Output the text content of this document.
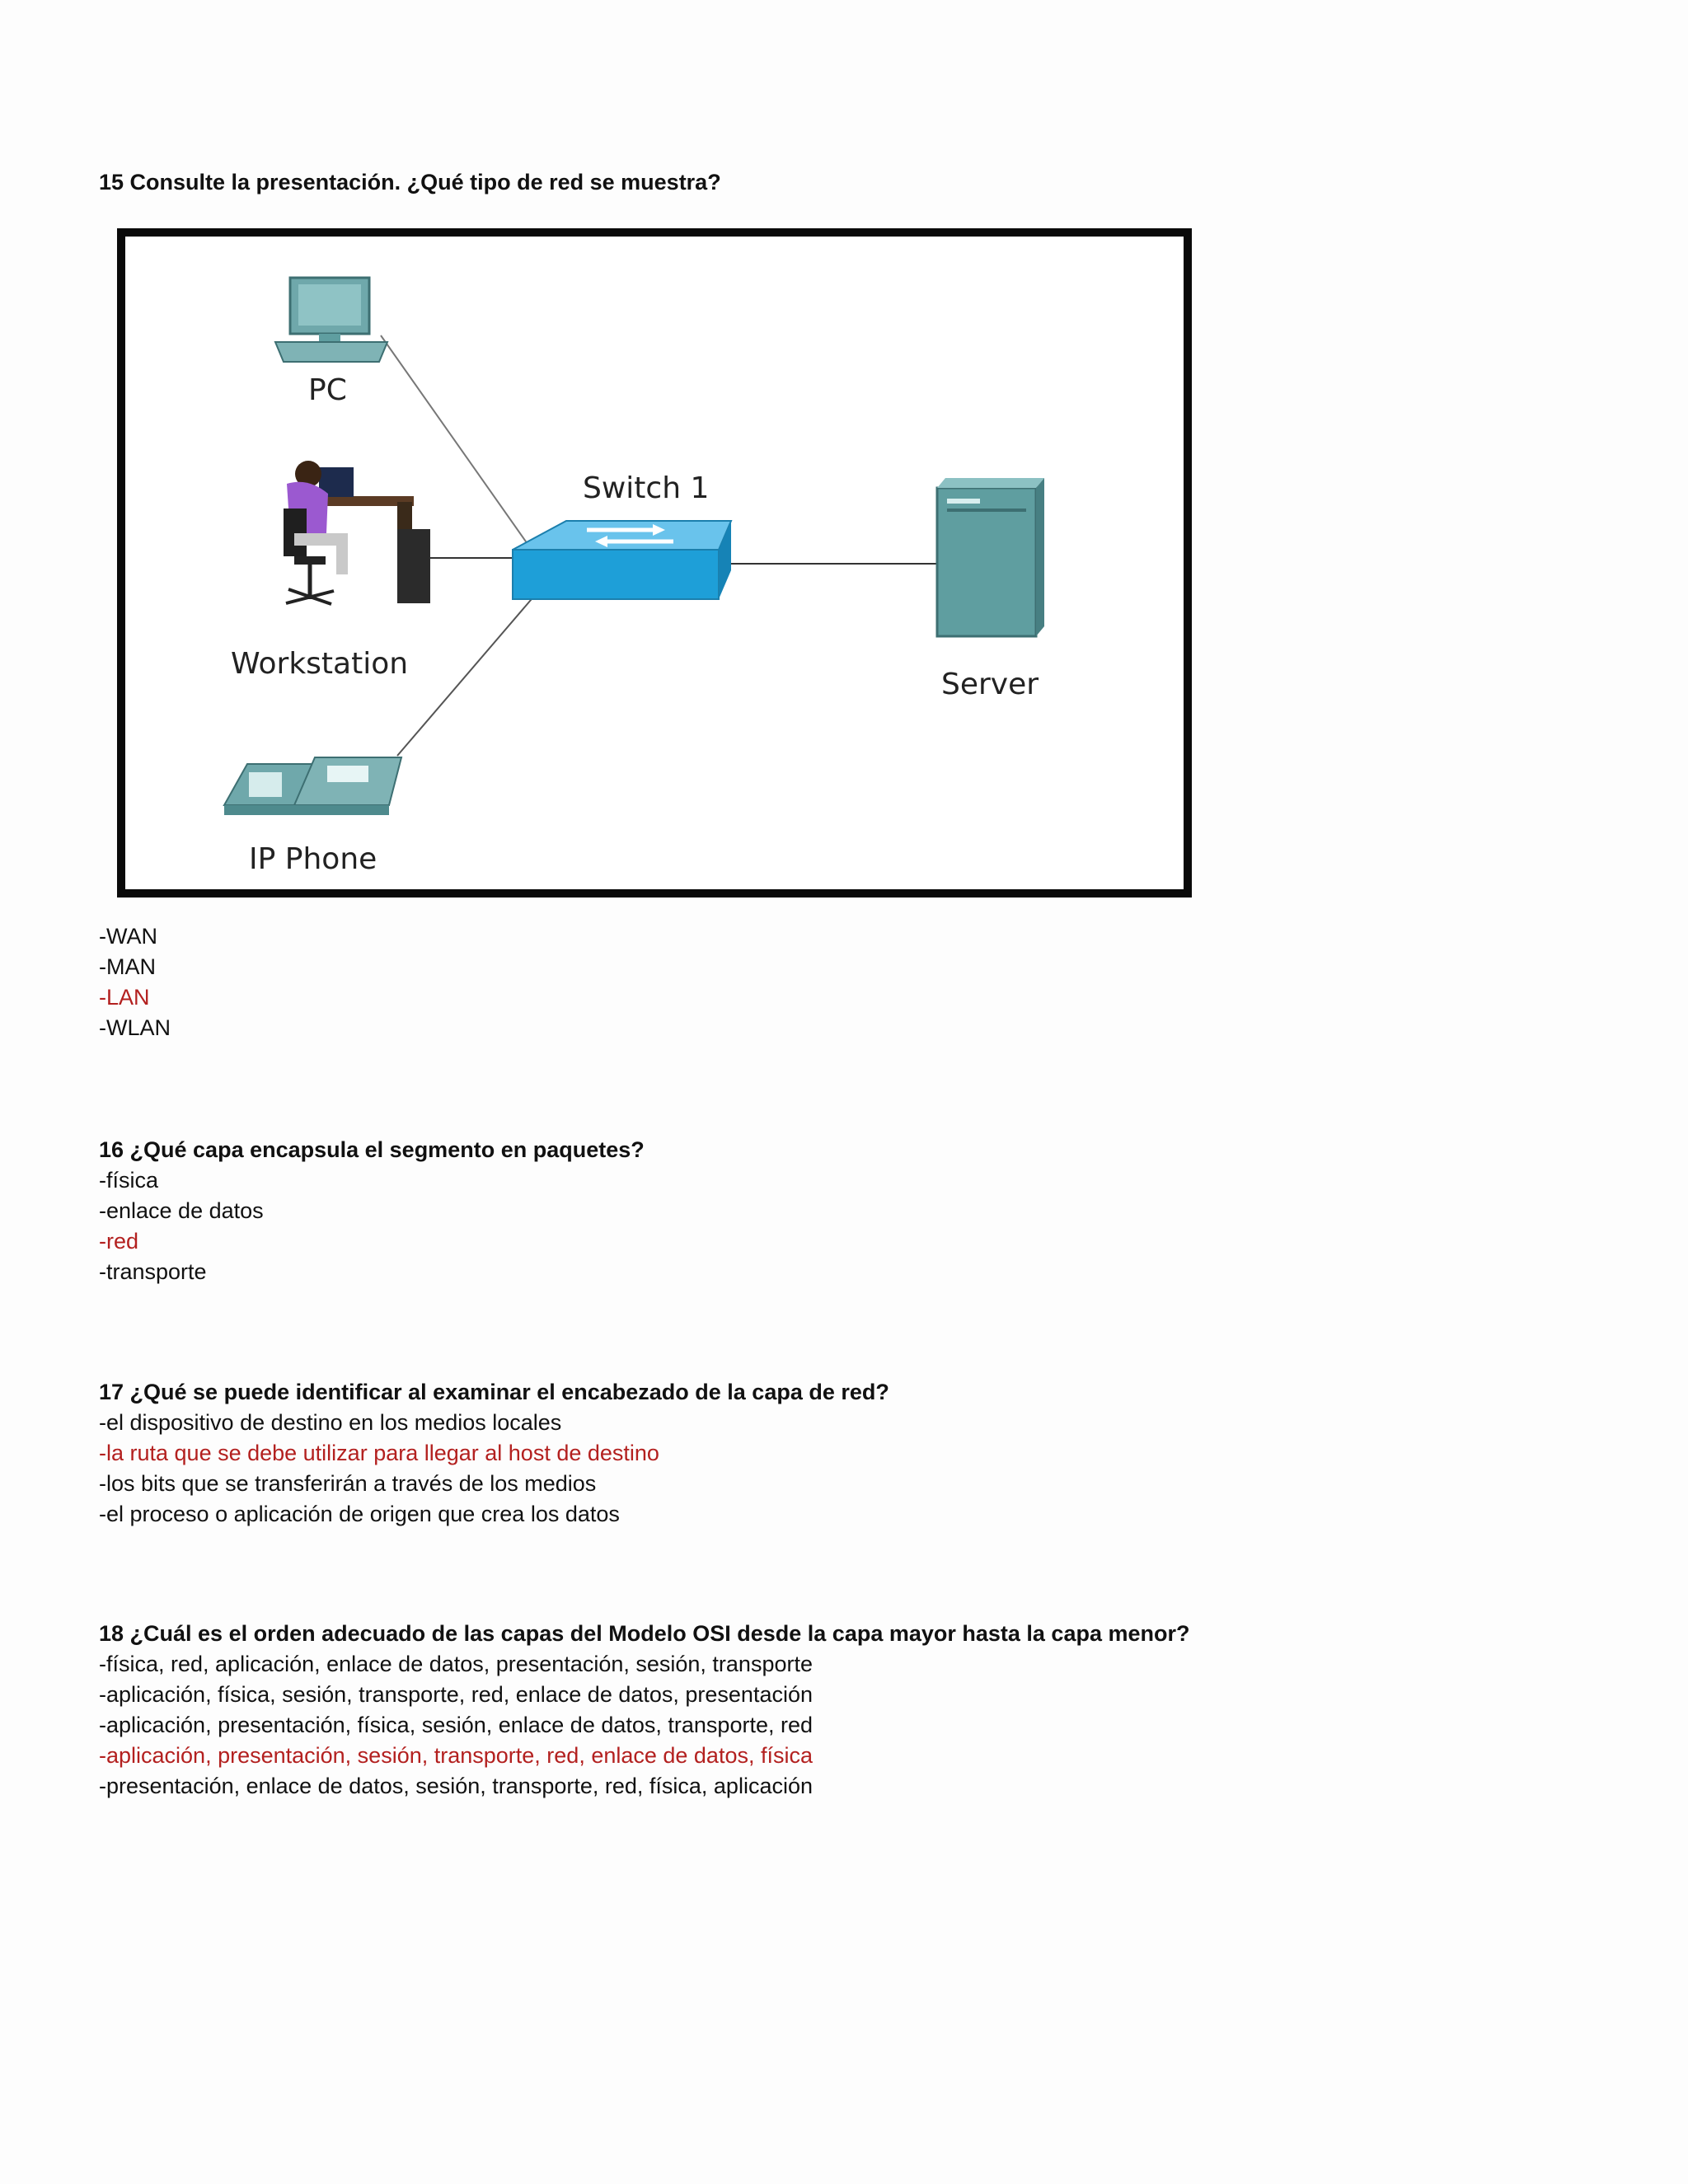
15 Consulte la presentación. ¿Qué tipo de red se muestra?
PC
Workstation
Switch 1
Server
IP Phone
-WAN
-MAN
-LAN
-WLAN
16 ¿Qué capa encapsula el segmento en paquetes?
-física
-enlace de datos
-red
-transporte
17 ¿Qué se puede identificar al examinar el encabezado de la capa de red?
-el dispositivo de destino en los medios locales
-la ruta que se debe utilizar para llegar al host de destino
-los bits que se transferirán a través de los medios
-el proceso o aplicación de origen que crea los datos
18 ¿Cuál es el orden adecuado de las capas del Modelo OSI desde la capa mayor hasta la capa menor?
-física, red, aplicación, enlace de datos, presentación, sesión, transporte
-aplicación, física, sesión, transporte, red, enlace de datos, presentación
-aplicación, presentación, física, sesión, enlace de datos, transporte, red
-aplicación, presentación, sesión, transporte, red, enlace de datos, física
-presentación, enlace de datos, sesión, transporte, red, física, aplicación
